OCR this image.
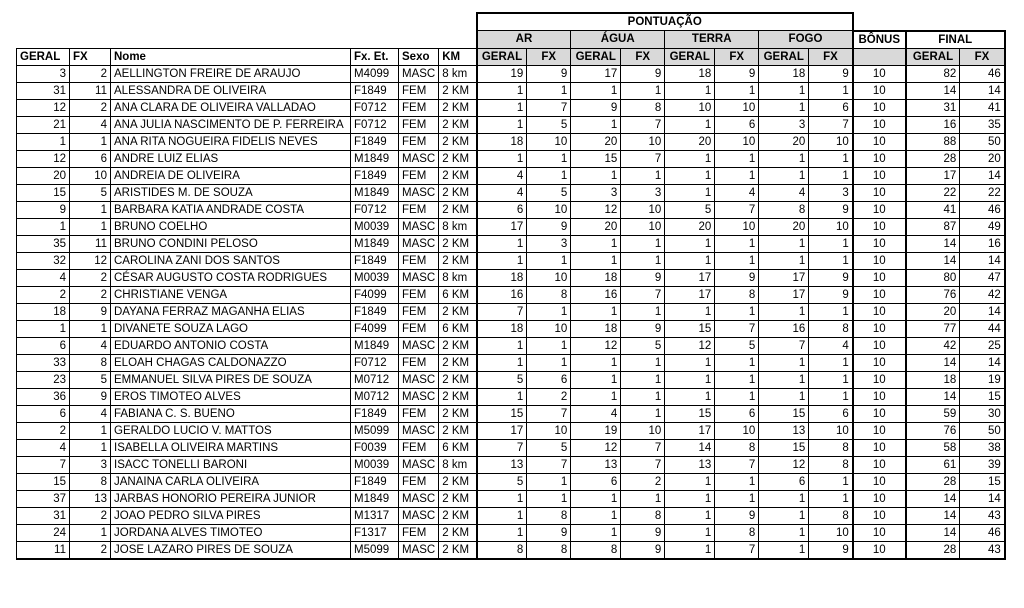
						PONTUAÇÃO										
						AR		ÁGUA		TERRA		FOGO		BÔNUS	FINAL	
GERAL	FX	Nome	Fx. Et.	Sexo	KM	GERAL	FX	GERAL	FX	GERAL	FX	GERAL	FX		GERAL	FX
3	2	AELLINGTON FREIRE DE ARAUJO	M4099	MASC	8 km	19	9	17	9	18	9	18	9	10	82	46
31	11	ALESSANDRA DE OLIVEIRA	F1849	FEM	2 KM	1	1	1	1	1	1	1	1	10	14	14
12	2	ANA CLARA DE OLIVEIRA VALLADAO	F0712	FEM	2 KM	1	7	9	8	10	10	1	6	10	31	41
21	4	ANA JULIA NASCIMENTO DE P. FERREIRA	F0712	FEM	2 KM	1	5	1	7	1	6	3	7	10	16	35
1	1	ANA RITA NOGUEIRA FIDELIS NEVES	F1849	FEM	2 KM	18	10	20	10	20	10	20	10	10	88	50
12	6	ANDRE LUIZ ELIAS	M1849	MASC	2 KM	1	1	15	7	1	1	1	1	10	28	20
20	10	ANDREIA DE OLIVEIRA	F1849	FEM	2 KM	4	1	1	1	1	1	1	1	10	17	14
15	5	ARISTIDES M. DE SOUZA	M1849	MASC	2 KM	4	5	3	3	1	4	4	3	10	22	22
9	1	BARBARA KATIA ANDRADE COSTA	F0712	FEM	2 KM	6	10	12	10	5	7	8	9	10	41	46
1	1	BRUNO COELHO	M0039	MASC	8 km	17	9	20	10	20	10	20	10	10	87	49
35	11	BRUNO CONDINI PELOSO	M1849	MASC	2 KM	1	3	1	1	1	1	1	1	10	14	16
32	12	CAROLINA ZANI DOS SANTOS	F1849	FEM	2 KM	1	1	1	1	1	1	1	1	10	14	14
4	2	CÉSAR AUGUSTO COSTA RODRIGUES	M0039	MASC	8 km	18	10	18	9	17	9	17	9	10	80	47
2	2	CHRISTIANE VENGA	F4099	FEM	6 KM	16	8	16	7	17	8	17	9	10	76	42
18	9	DAYANA FERRAZ MAGANHA ELIAS	F1849	FEM	2 KM	7	1	1	1	1	1	1	1	10	20	14
1	1	DIVANETE SOUZA LAGO	F4099	FEM	6 KM	18	10	18	9	15	7	16	8	10	77	44
6	4	EDUARDO ANTONIO COSTA	M1849	MASC	2 KM	1	1	12	5	12	5	7	4	10	42	25
33	8	ELOAH CHAGAS CALDONAZZO	F0712	FEM	2 KM	1	1	1	1	1	1	1	1	10	14	14
23	5	EMMANUEL SILVA PIRES DE SOUZA	M0712	MASC	2 KM	5	6	1	1	1	1	1	1	10	18	19
36	9	EROS TIMOTEO ALVES	M0712	MASC	2 KM	1	2	1	1	1	1	1	1	10	14	15
6	4	FABIANA C. S. BUENO	F1849	FEM	2 KM	15	7	4	1	15	6	15	6	10	59	30
2	1	GERALDO LUCIO V. MATTOS	M5099	MASC	2 KM	17	10	19	10	17	10	13	10	10	76	50
4	1	ISABELLA OLIVEIRA MARTINS	F0039	FEM	6 KM	7	5	12	7	14	8	15	8	10	58	38
7	3	ISACC TONELLI BARONI	M0039	MASC	8 km	13	7	13	7	13	7	12	8	10	61	39
15	8	JANAINA CARLA OLIVEIRA	F1849	FEM	2 KM	5	1	6	2	1	1	6	1	10	28	15
37	13	JARBAS HONORIO PEREIRA JUNIOR	M1849	MASC	2 KM	1	1	1	1	1	1	1	1	10	14	14
31	2	JOAO PEDRO SILVA PIRES	M1317	MASC	2 KM	1	8	1	8	1	9	1	8	10	14	43
24	1	JORDANA ALVES TIMOTEO	F1317	FEM	2 KM	1	9	1	9	1	8	1	10	10	14	46
11	2	JOSE LAZARO PIRES DE SOUZA	M5099	MASC	2 KM	8	8	8	9	1	7	1	9	10	28	43
